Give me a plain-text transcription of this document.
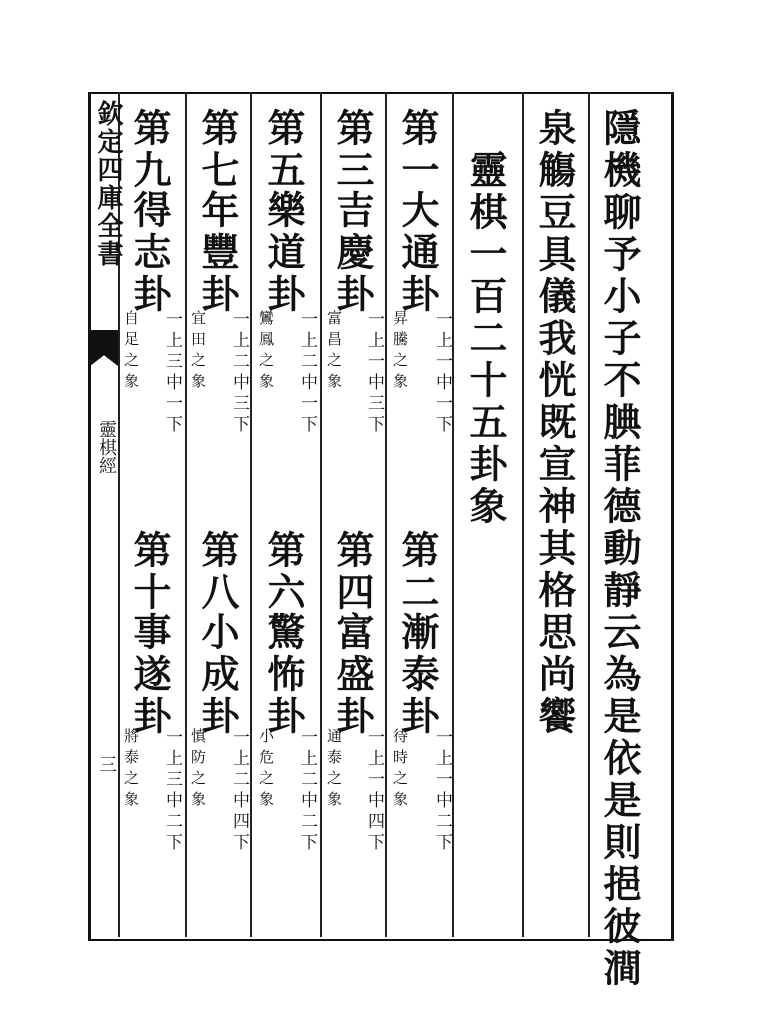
欽定四庫全書
靈棋經
三	隱機聊予小子不腆菲德動靜云為是依是則挹彼澗
泉觴豆具儀我恍既宣神其格思尚饗
靈棋一百二十五卦象
第一
大通卦
一上一中一下
昇騰之象
第二
漸泰卦
一上一中二下
待時之象
第三
吉慶卦
一上一中三下
富昌之象
第四
富盛卦
一上一中四下
通泰之象
第五
樂道卦
一上二中一下
鸞鳳之象
第六
驚怖卦
一上二中二下
小危之象
第七
年豐卦
一上二中三下
宜田之象
第八
小成卦
一上二中四下
慎防之象
第九
得志卦
一上三中一下
自足之象
第十
事遂卦
一上三中二下
將泰之象
